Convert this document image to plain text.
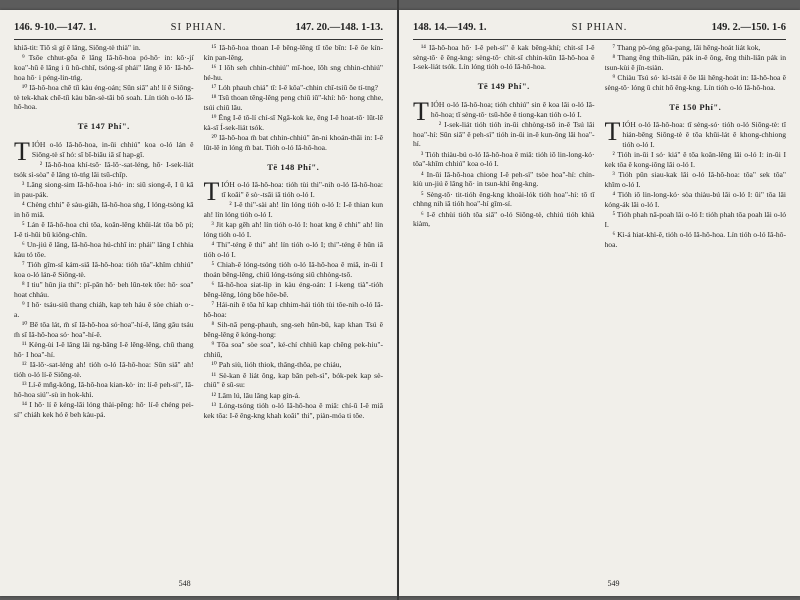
146. 9-10.—147. 1.	SI PHIAN.	147. 20.—148. 1-13.

khiā-tit: Tiō s̍i gí ê lâng, Siōng-tè thià" in.

⁹ Tsōe chhut-gōa ê lâng Iâ-hô-hoa pó-hō· in: kō·-ji̍ koa"-hū ê lâng i ū hû-chhī, tsóng-sī phái" lâng ê lō· Iâ-hô-hoa hō· i péng-lin-tńg.

¹⁰ Iâ-hô-hoa chē ti̍i kàu éng-oán; Sūn siā" ah! lí ê Siōng-tè tek-khak chē-ti̍i kàu bān-sè-tāi bô soah. Lín tióh o-ló Iâ-hô-hoa.

Tē 147 Phí".

TIÓH o-ló Iâ-hô-hoa, in-ūi chhiú" koa o-ló lán ê Siōng-tè sī hó: sī bī-biāu iā sī hap-gî.

² Iâ-hô-hoa khí-tsō· Iâ-lō·-sat-léng, hō· I-sek-liát tsók sì-sòa" ê lâng tò-tńg lâi tsū-chīp.

³ Lâng siong-sim Iâ-hô-hoa i-hó· in: siū siong-ê, I ū kā in pau-pák.

⁴ Chèng chhi" ê sàu-giāh, Iâ-hô-hoa sǹg, I lóng-tsòng kā in hō miâ.

⁵ Lán ê Iâ-hô-hoa chì tōa, koân-lêng khūi-lát tōa bô pí; I-ê ti-hūi bū kiông-chīn.

⁶ Un-jiú ê lâng, Iâ-hô-hoa hú-chhī in: phái" lâng I chhia kàu tó tōe.

⁷ Tióh gîm-sî kám-siā Iâ-hô-hoa: tióh tôa"-khîm chhiú" koa o-ló lán-ê Siōng-tè.

⁸ I tiu" hûn jia thi": pī-pān hō· beh lūn-tek tōe: hō· soa" hoat chháu.

⁹ I hō· tsáu-siû thang chiáh, kap teh háu ê sòe chiah o·-a.

¹⁰ Bē tōa lát, m̄ sī Iâ-hô-hoa só·hoa"-hí-ê, lâng gâu tsáu m̄ sī Iâ-hô-hoa só· hoa"-hí-ê.

¹¹ Kèng-ùi I-ê lâng lâi ng-bāng I-ê lêng-lêng, chū thang hō· I hoa"-hí.

¹² Iâ-lō·-sat-léng ah! tióh o-ló Iâ-hô-hoa: Sūn siā" ah! tióh o-ló lí-ê Siōng-tè.

¹³ Lí-ê mn̂g-kông, Iâ-hô-hoa kian-kò· in: lí-ê peh-sì", Iâ-hô-hoa siú"-sù in hok-khì.

¹⁴ I hō· lí ê kéng-lāi lóng thài-pêng: hō· lí-ê chéng pei-sí" chiáh kek hó ê beh kàu-pá.

¹⁵ Iâ-hô-hoa thoan I-ê bêng-lêng tī tōe bīn: I-ê ōe kín-kín pan-lêng.

¹⁶ I lōh seh chhin-chhiú" mî-hoe, lōh sng chhin-chhiú" hé-hu.

¹⁷ Lóh phauh chiá" tī: I-ê kôa"-chhin chī-tsiū ōe tí-tng?

¹⁸ Tsū thoan tēng-lêng peng chiū iū"-khí: hō· hong chhe, tsúi chiū lâu.

¹⁹ Ēng I-ê tō-lí chí-sī Ngâ-kok ke, ēng I-ê hoat-tō· lūt-lē kà-sī Í-sek-liát tsók.

²⁰ Iâ-hô-hoa m̄ bat chhin-chhiú" ān-ni khoán-thāi in: I-ê lūt-lē in lóng m̄ bat. Tióh o-ló Iâ-hô-hoa.

Tē 148 Phí".

TIÓH o-ló Iâ-hô-hoa: tióh tùi thi"-nih o-ló Iâ-hô-hoa: tī koâi" ê sò·-tsāi iā tióh o-ló I.

² I-ê thi"-sài ah! lín lóng tióh o-ló I: I-ê thian kun ah! lín lóng tióh o-ló I.

³ Jit kap gēh ah! lín tióh o-ló I: hoat kng ê chhi" ah! lín lóng tióh o-ló I.

⁴ Thi"-téng ê thi" ah! lín tióh o-ló I; thi"-téng ê hûn iā tióh o-ló I.

⁵ Chiah-ê lóng-tsóng tióh o-ló Iâ-hô-hoa ê miâ, in-ūi I thoán bêng-lêng, chiū lóng-tsóng siū chhòng-tsō.

⁶ Iâ-hô-hoa siat-lip in kàu éng-oán: I í-keng tià"-tióh bêng-lêng, lóng bōe hōe-bē.

⁷ Hái-nih ê tōa hî kap chhim-hái tióh tùi tōe-nih o-ló Iâ-hô-hoa:

⁸ Sih-nā peng-phauh, sng-seh hûn-bū, kap khan Tsú ê bêng-lêng ê kóng-hong:

⁹ Tōa soa" sòe soa", ké-chí chhiū kap chêng pek-hiu"-chhiū,

¹⁰ Pah siù, lióh thiok, thâng-thôa, pe chiáu,

¹¹ Sè-kan ê liát ông, kap bān peh-sì", bók-pek kap sè-chiū" ê sū-su:

¹² Lâm lú, lāu lâng kap gín-á.

¹³ Lóng-tsóng tióh o-ló Iâ-hô-hoa ê miâ: chí-ū I-ê miâ kek tōa: I-ê êng-kng khah koâi" thi", piàn-móa ti tōe.

548
148. 14.—149. 1.	SI PHIAN.	149. 2.—150. 1-6

¹⁴ Iâ-hô-hoa hō· I-ê peh-sì" ê kak bêng-khí; chit-sī I-ê sèng-tô· ê êng-kng: sèng-tô· chit-sī chhin-kūn Iâ-hô-hoa ê I-sek-liát tsók. Lín lóng tióh o-ló Iâ-hô-hoa.

Tē 149 Phí".

TIÓH o-ló Iâ-hô-hoa; tióh chhiú" sin ê koa lâi o-ló Iâ-hô-hoa; tī sèng-tô· tsū-hōe ê tiong-kan tióh o-ló I.

² I-sek-liát tióh tióh in-ūi chhòng-tsō in-ê Tsú lâi hoa"-hí: Sūn siā" ê peh-sì" tióh in-ūi in-ê kun-ông lâi hoa"-hí.

³ Tióh thiàu-bú o-ló Iâ-hô-hoa ê miâ: tióh iō lin-long-kó· tôa"-khîm chhiú" koa o-ló I.

⁴ In-ūi Iâ-hô-hoa chiong I-ê peh-sì" tsòe hoa"-hí: chín-kiù un-jiú ê lâng hō· in tsun-khì êng-kng.

⁵ Sèng-tô· tit-tióh êng-kng khoài-lók tióh hoa"-hí: tō tī chhng nih iā tióh hoa"-hí gîm-sí.

⁶ I-ê chhùi tióh tôa siā" o-ló Siōng-tè, chhiú tióh khià kiàm,

⁷ Thang pò-óng gōa-pang, lâi hêng-hoát liát kok,

⁸ Thang ēng thih-liān, pák in-ê ông, ēng thih-liān pák in tsun-kùi ê jîn-tsiàn.

⁹ Chiàu Tsú só· kì-tsài ê ōe lâi hêng-hoát in: Iâ-hô-hoa ê sèng-tô· lóng ū chit hō êng-kng. Lín tióh o-ló Iâ-hô-hoa.

Tē 150 Phí".

TIÓH o-ló Iâ-hô-hoa: tī sèng-só· tióh o-ló Siōng-tè: tī hián-bêng Siōng-tè ê tōa khūi-lát ê khong-chhiong tióh o-ló I.

² Tióh in-ūi I só· kiá" ê tōa koân-lêng lâi o-ló I: in-ūi I kek tōa ê kong-iông lâi o-ló I.

³ Tióh pûn siau-kak lâi o-ló Iâ-hô-hoa: tôa" sek tôa" khîm o-ló I.

⁴ Tióh iō lin-long-kó· sòa thiàu-bú lâi o-ló I: ūi" tōa lâi kóng-ák lâi o-ló I.

⁵ Tióh phah nā-poah lâi o-ló I: tióh phah tōa poah lâi o-ló I.

⁶ Kì-á hiat-khì-ê, tióh o-ló Iâ-hô-hoa. Lín tióh o-ló Iâ-hô-hoa.

549
